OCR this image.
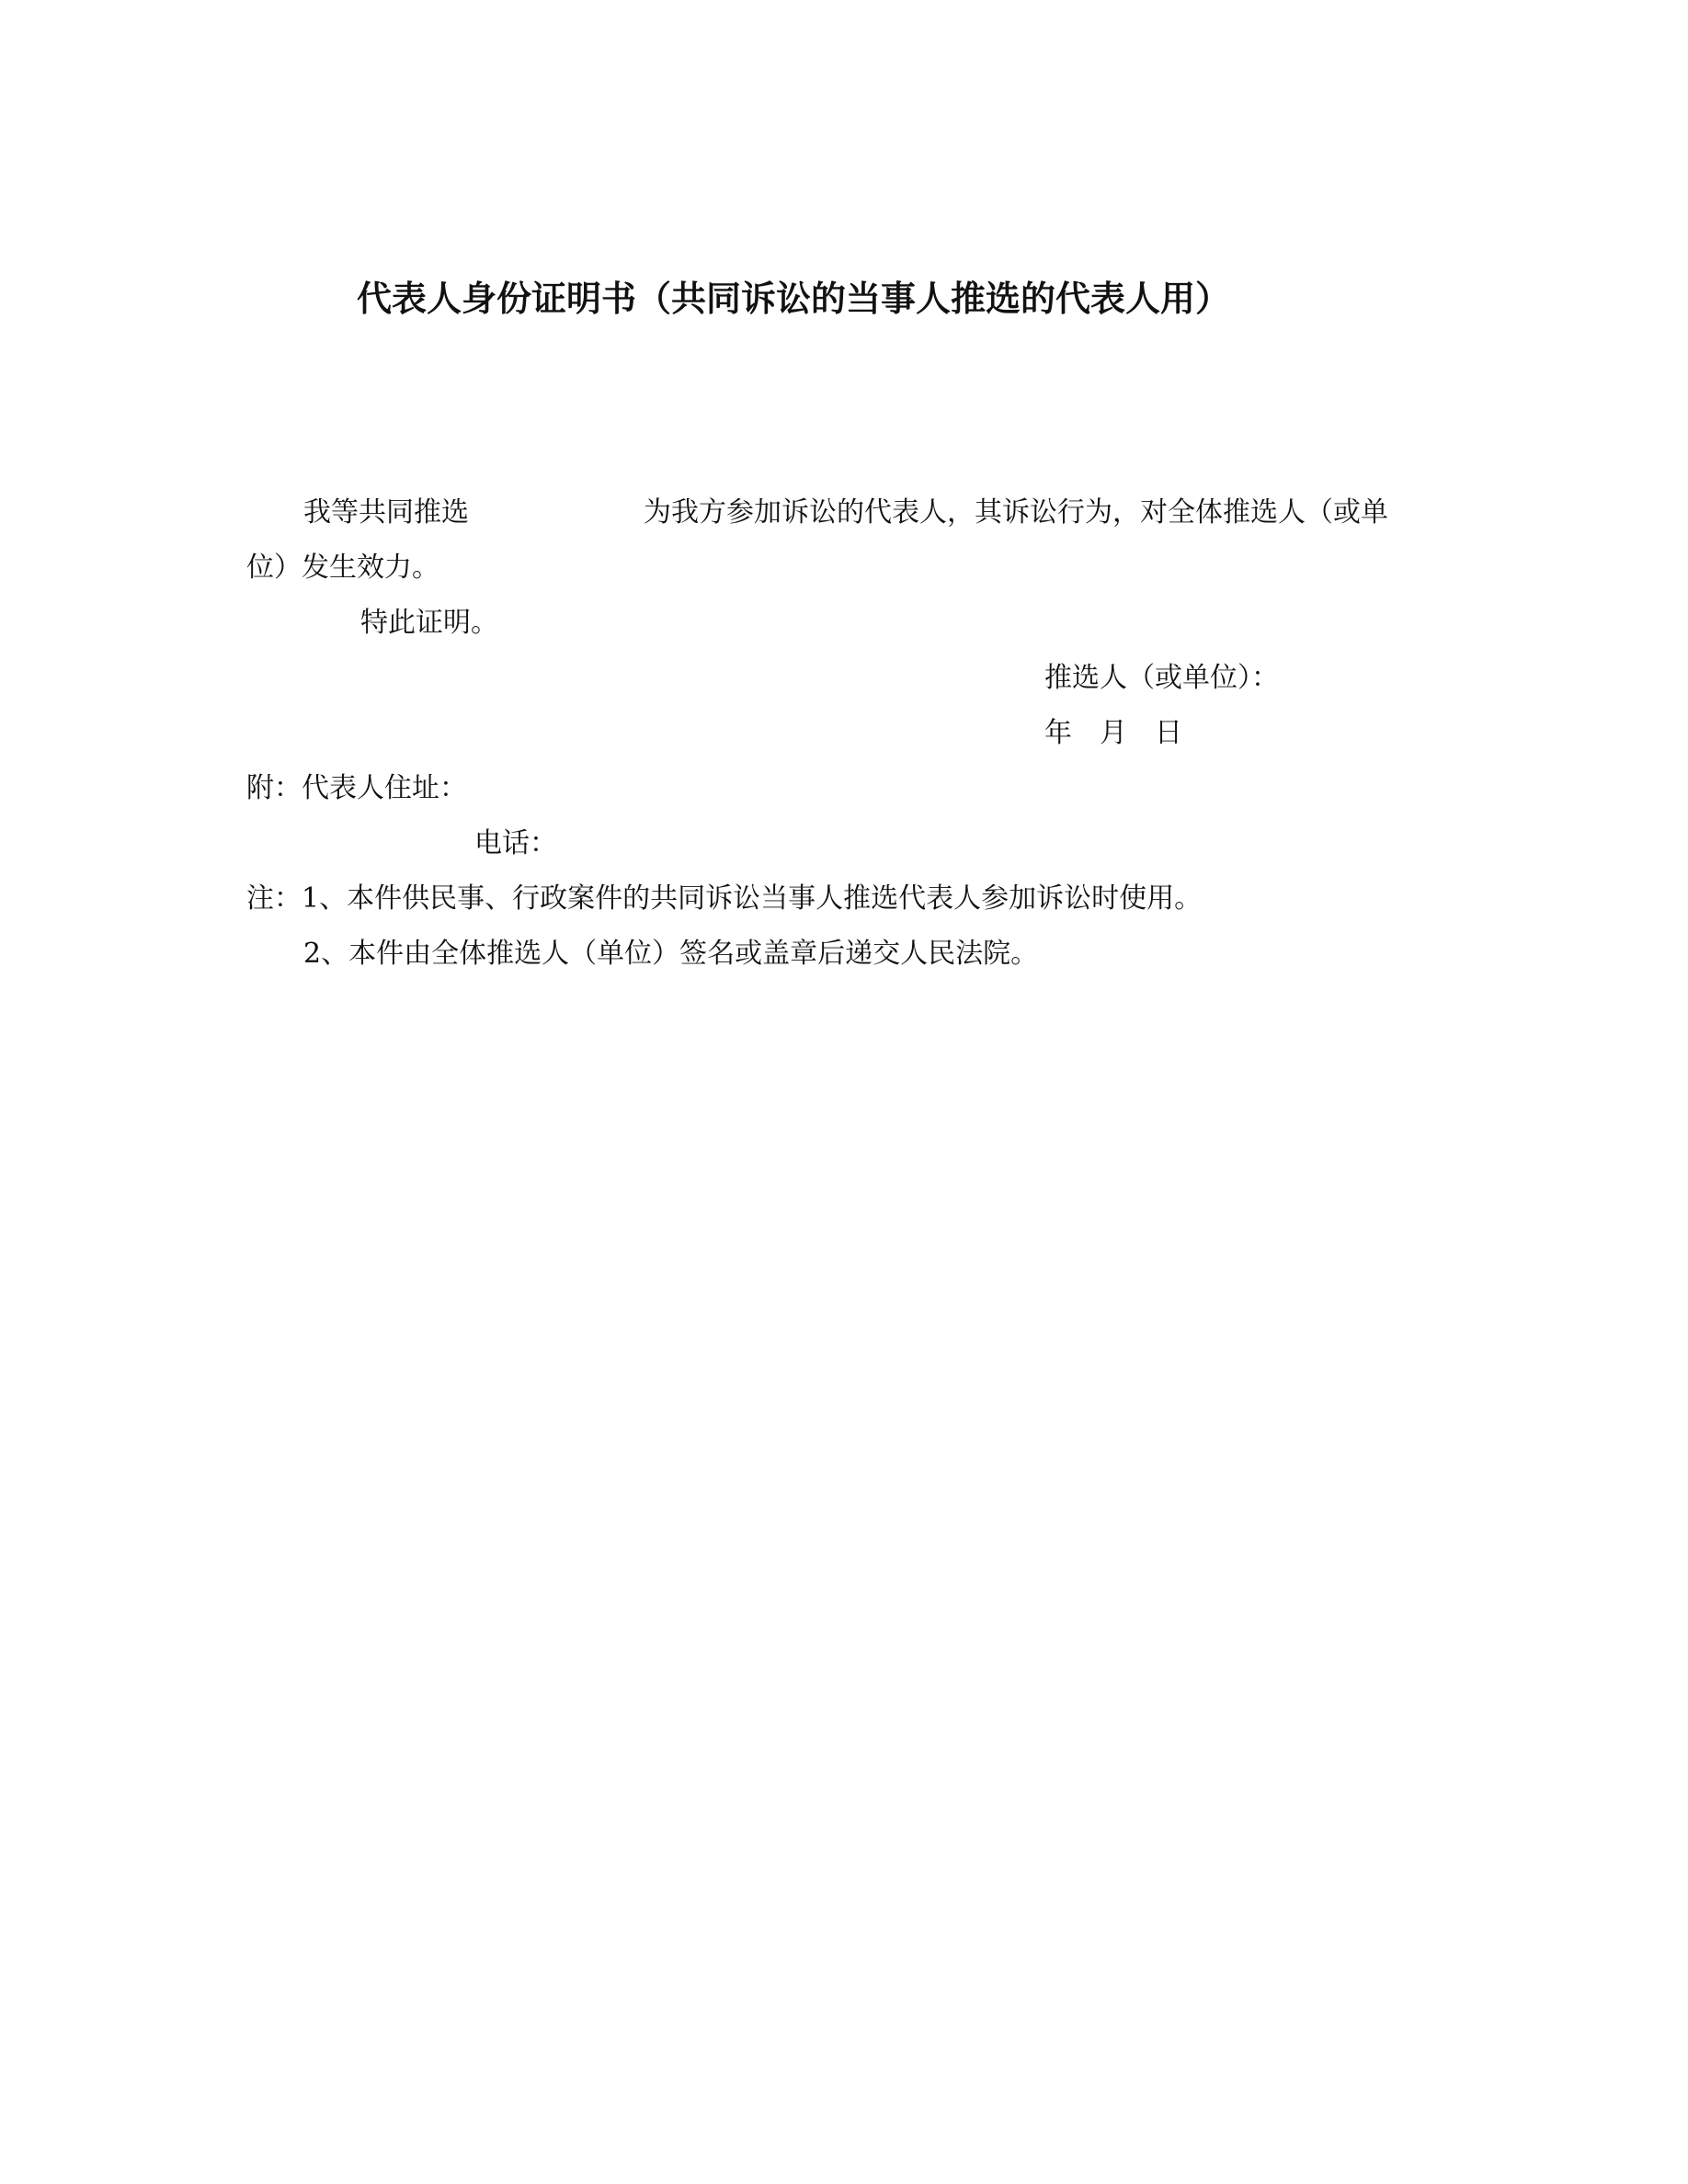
代表人身份证明书（共同诉讼的当事人推选的代表人用）
我等共同推选	为我方参加诉讼的代表人，其诉讼行为，对全体推选人（或单
位）发生效力。
特此证明。
推选人（或单位）：
年　月　日
附：代表人住址：
电话：
注：1、本件供民事、行政案件的共同诉讼当事人推选代表人参加诉讼时使用。
2、本件由全体推选人（单位）签名或盖章后递交人民法院。
